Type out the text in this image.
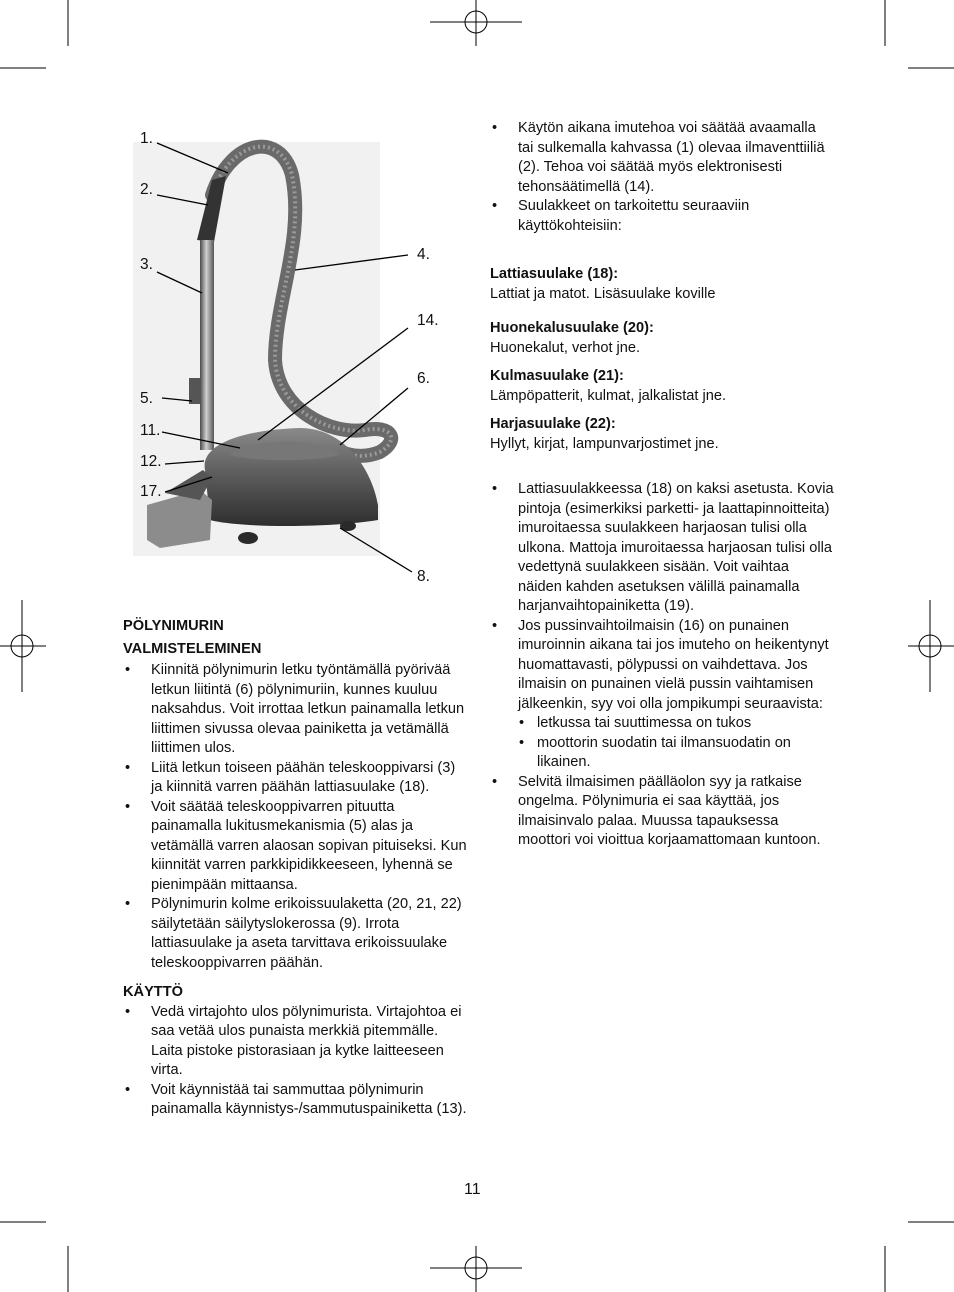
1.
2.
3.
4.
14.
6.
5.
11.
12.
17.
8.

PÖLYNIMURIN
VALMISTELEMINEN

• Kiinnitä pölynimurin letku työntämällä pyörivää letkun liitintä (6) pölynimuriin, kunnes kuuluu naksahdus. Voit irrottaa letkun painamalla letkun liittimen sivussa olevaa painiketta ja vetämällä liittimen ulos.
• Liitä letkun toiseen päähän teleskooppivarsi (3) ja kiinnitä varren päähän lattiasuulake (18).
• Voit säätää teleskooppivarren pituutta painamalla lukitusmekanismia (5) alas ja vetämällä varren alaosan sopivan pituiseksi. Kun kiinnität varren parkkipidikkeeseen, lyhennä se pienimpään mittaansa.
• Pölynimurin kolme erikoissuulaketta (20, 21, 22) säilytetään säilytyslokerossa (9). Irrota lattiasuulake ja aseta tarvittava erikoissuulake teleskooppivarren päähän.

KÄYTTÖ

• Vedä virtajohto ulos pölynimurista. Virtajohtoa ei saa vetää ulos punaista merkkiä pitemmälle. Laita pistoke pistorasiaan ja kytke laitteeseen virta.
• Voit käynnistää tai sammuttaa pölynimurin painamalla käynnistys-/sammutuspainiketta (13).
• Käytön aikana imutehoa voi säätää avaamalla tai sulkemalla kahvassa (1) olevaa ilmaventtiiliä (2). Tehoa voi säätää myös elektronisesti tehonsäätimellä (14).
• Suulakkeet on tarkoitettu seuraaviin käyttökohteisiin:
Lattiasuulake (18):
Lattiat ja matot. Lisäsuulake koville
Huonekalusuulake (20):
Huonekalut, verhot jne.
Kulmasuulake (21):
Lämpöpatterit, kulmat, jalkalistat jne.
Harjasuulake (22):
Hyllyt, kirjat, lampunvarjostimet jne.
• Lattiasuulakkeessa (18) on kaksi asetusta. Kovia pintoja (esimerkiksi parketti- ja laattapinnoitteita) imuroitaessa suulakkeen harjaosan tulisi olla ulkona. Mattoja imuroitaessa harjaosan tulisi olla vedettynä suulakkeen sisään. Voit vaihtaa näiden kahden asetuksen välillä painamalla harjanvaihtopainiketta (19).
• Jos pussinvaihtoilmaisin (16) on punainen imuroinnin aikana tai jos imuteho on heikentynyt huomattavasti, pölypussi on vaihdettava. Jos ilmaisin on punainen vielä pussin vaihtamisen jälkeenkin, syy voi olla jompikumpi seuraavista:
• letkussa tai suuttimessa on tukos
• moottorin suodatin tai ilmansuodatin on likainen.
• Selvitä ilmaisimen päälläolon syy ja ratkaise ongelma. Pölynimuria ei saa käyttää, jos ilmaisinvalo palaa. Muussa tapauksessa moottori voi vioittua korjaamattomaan kuntoon.
11
